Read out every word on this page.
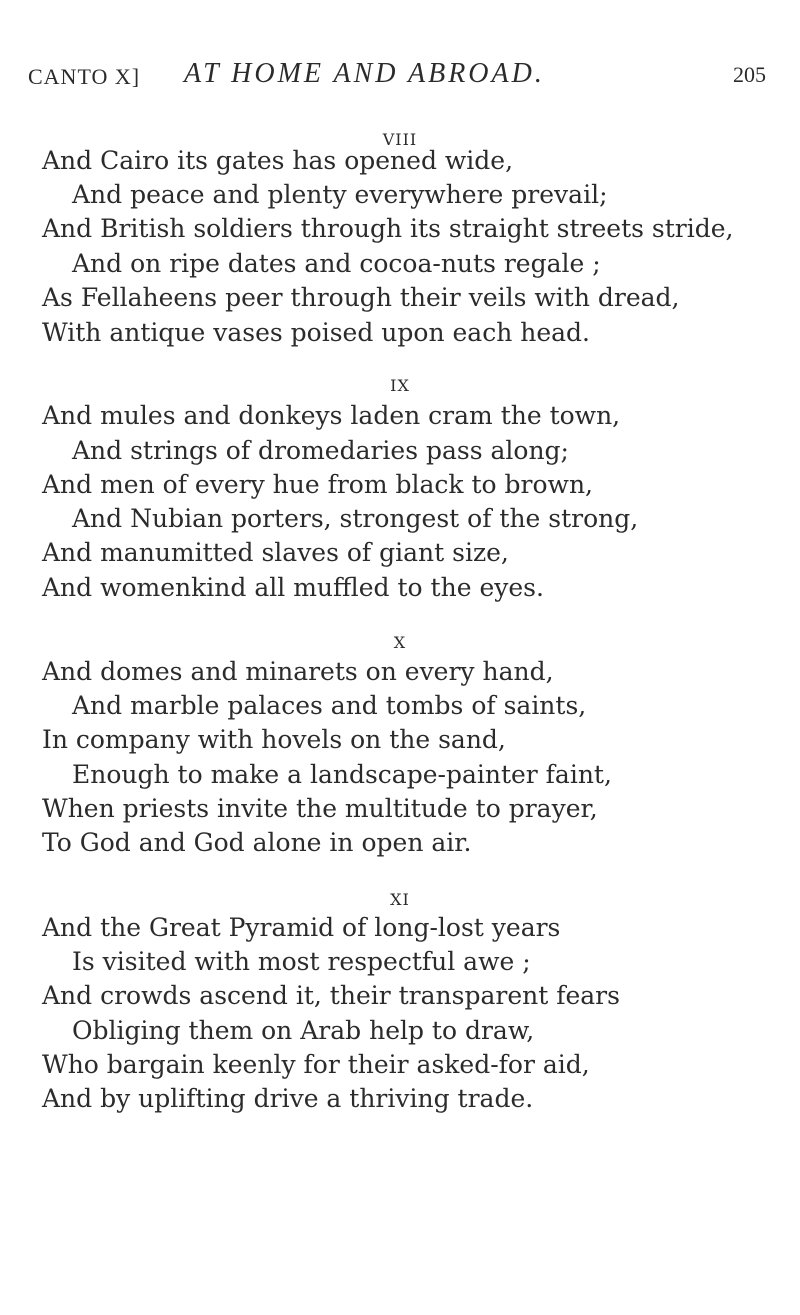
CANTO X] AT HOME AND ABROAD.	205
VIII
And Cairo its gates has opened wide,
And peace and plenty everywhere prevail;
And British soldiers through its straight streets stride,
And on ripe dates and cocoa-nuts regale ;
As Fellaheens peer through their veils with dread,
With antique vases poised upon each head.
IX
And mules and donkeys laden cram the town,
And strings of dromedaries pass along;
And men of every hue from black to brown,
And Nubian porters, strongest of the strong,
And manumitted slaves of giant size,
And womenkind all muffled to the eyes.
X
And domes and minarets on every hand,
And marble palaces and tombs of saints,
In company with hovels on the sand,
Enough to make a landscape-painter faint,
When priests invite the multitude to prayer,
To God and God alone in open air.
XI
And the Great Pyramid of long-lost years
Is visited with most respectful awe ;
And crowds ascend it, their transparent fears
Obliging them on Arab help to draw,
Who bargain keenly for their asked-for aid,
And by uplifting drive a thriving trade.
